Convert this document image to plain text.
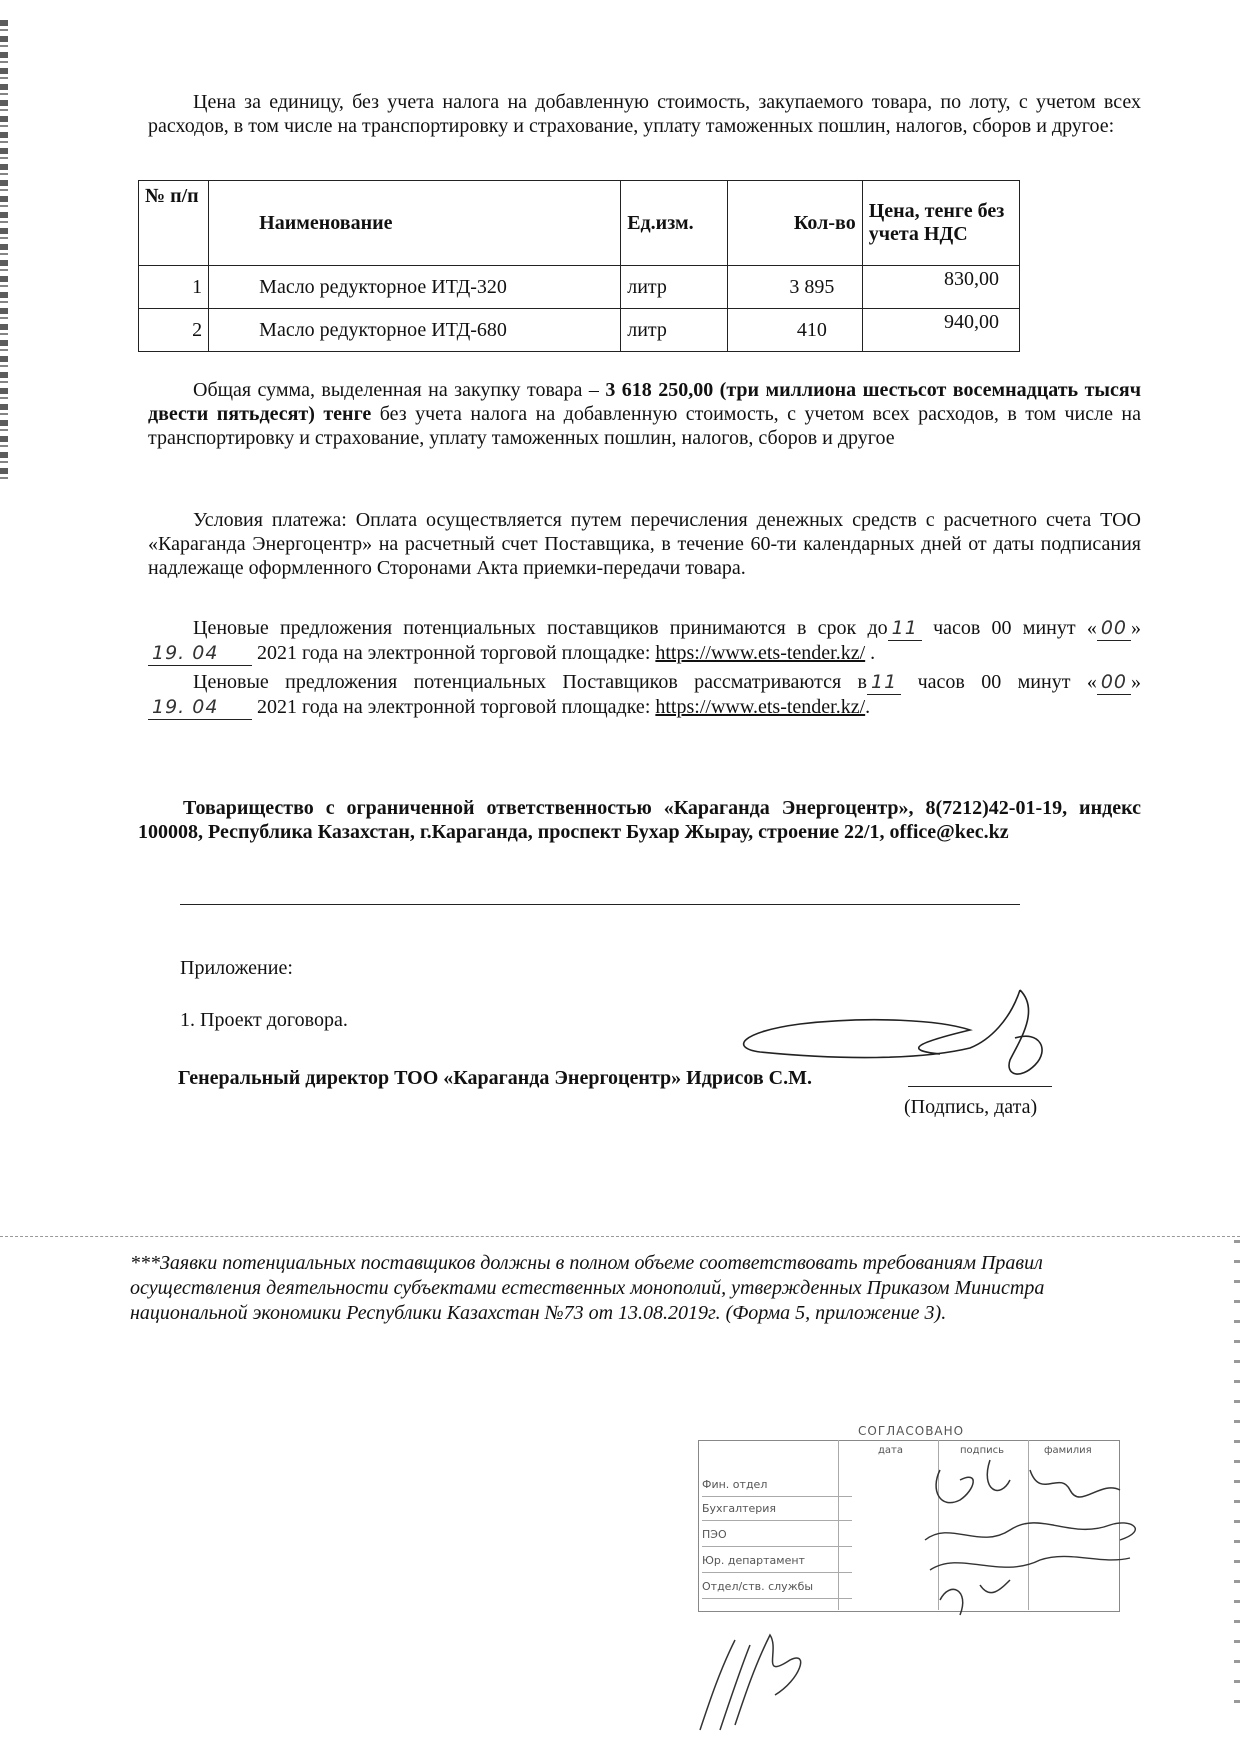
Цена за единицу, без учета налога на добавленную стоимость, закупаемого товара, по лоту, с учетом всех расходов, в том числе на транспортировку и страхование, уплату таможенных пошлин, налогов, сборов и другое:
№ п/п	Наименование	Ед.изм.	Кол-во	Цена, тенге без учета НДС
1	Масло редукторное ИТД-320	литр	3 895	830,00
2	Масло редукторное ИТД-680	литр	410	940,00
Общая сумма, выделенная на закупку товара – 3 618 250,00 (три миллиона шестьсот восемнадцать тысяч двести пятьдесят) тенге без учета налога на добавленную стоимость, с учетом всех расходов, в том числе на транспортировку и страхование, уплату таможенных пошлин, налогов, сборов и другое
Условия платежа: Оплата осуществляется путем перечисления денежных средств с расчетного счета ТОО «Караганда Энергоцентр» на расчетный счет Поставщика, в течение 60-ти календарных дней от даты подписания надлежаще оформленного Сторонами Акта приемки-передачи товара.
Ценовые предложения потенциальных поставщиков принимаются в срок до 11 часов 00 минут « 00 » 19. 04 2021 года на электронной торговой площадке: https://www.ets-tender.kz/ .
Ценовые предложения потенциальных Поставщиков рассматриваются в 11 часов 00 минут « 00 » 19. 04 2021 года на электронной торговой площадке: https://www.ets-tender.kz/.
Товарищество с ограниченной ответственностью «Караганда Энергоцентр», 8(7212)42-01-19, индекс 100008, Республика Казахстан, г.Караганда, проспект Бухар Жырау, строение 22/1, office@kec.kz
Приложение:
1. Проект договора.
Генеральный директор ТОО «Караганда Энергоцентр» Идрисов С.М.
(Подпись, дата)
***Заявки потенциальных поставщиков должны в полном объеме соответствовать требованиям Правил осуществления деятельности субъектами естественных монополий, утвержденных Приказом Министра национальной экономики Республики Казахстан №73 от 13.08.2019г. (Форма 5, приложение 3).
СОГЛАСОВАНО
дата	подпись	фамилия
Фин. отдел
Бухгалтерия
ПЭО
Юр. департамент
Отдел/ств. службы
